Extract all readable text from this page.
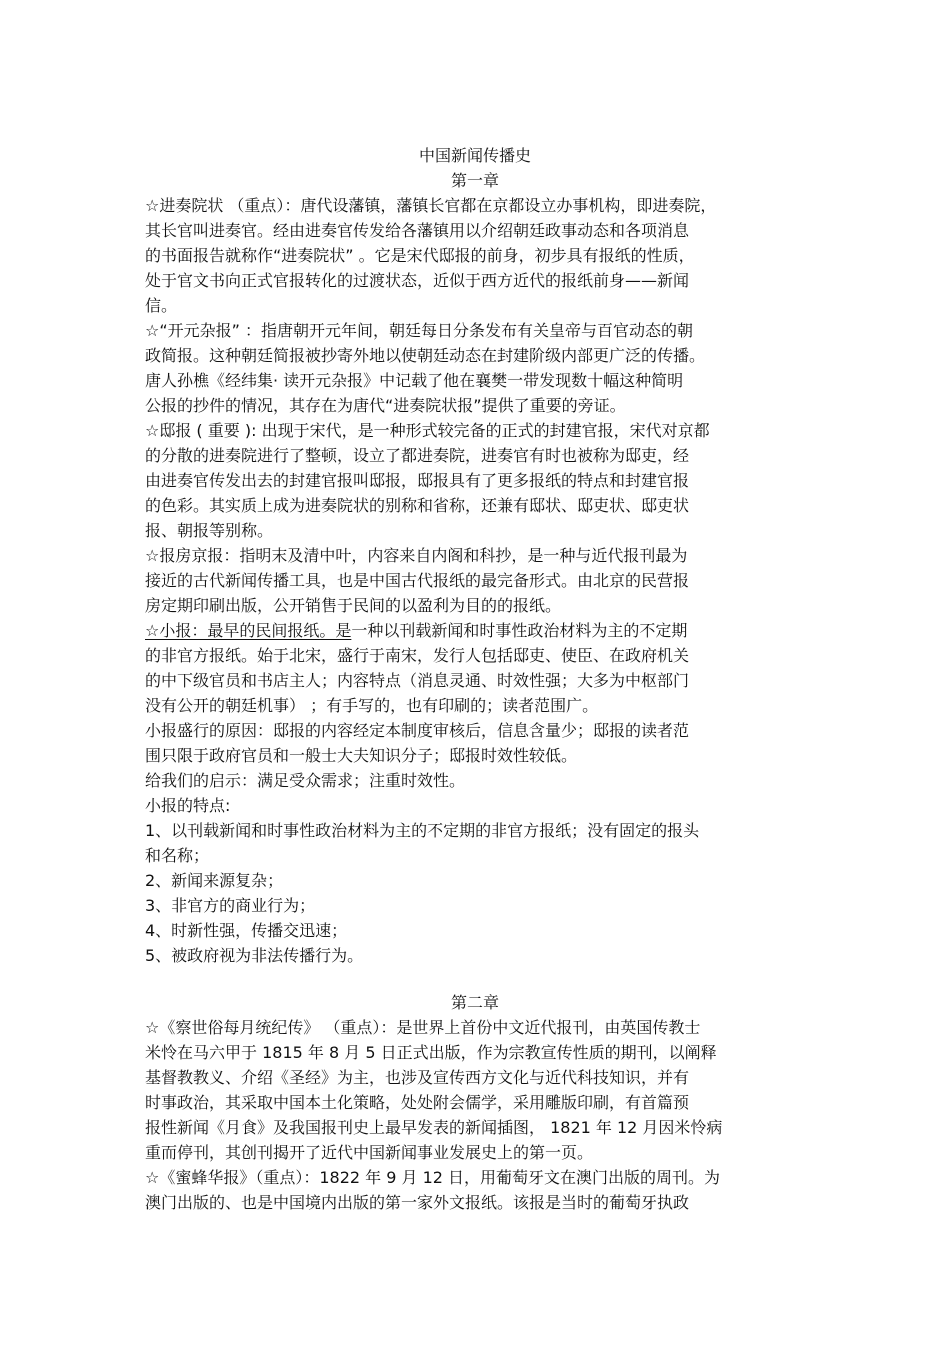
中国新闻传播史
第一章
☆进奏院状 （重点）：唐代设藩镇，藩镇长官都在京都设立办事机构，即进奏院，
其长官叫进奏官。经由进奏官传发给各藩镇用以介绍朝廷政事动态和各项消息
的书面报告就称作“进奏院状” 。它是宋代邸报的前身，初步具有报纸的性质，
处于官文书向正式官报转化的过渡状态，近似于西方近代的报纸前身——新闻
信。
☆“开元杂报” ：指唐朝开元年间，朝廷每日分条发布有关皇帝与百官动态的朝
政简报。这种朝廷简报被抄寄外地以使朝廷动态在封建阶级内部更广泛的传播。
唐人孙樵《经纬集· 读开元杂报》中记载了他在襄樊一带发现数十幅这种简明
公报的抄件的情况，其存在为唐代“进奏院状报”提供了重要的旁证。
☆邸报 ( 重要 ): 出现于宋代，是一种形式较完备的正式的封建官报，宋代对京都
的分散的进奏院进行了整顿，设立了都进奏院，进奏官有时也被称为邸吏，经
由进奏官传发出去的封建官报叫邸报，邸报具有了更多报纸的特点和封建官报
的色彩。其实质上成为进奏院状的别称和省称，还兼有邸状、邸吏状、邸吏状
报、朝报等别称。
☆报房京报：指明末及清中叶，内容来自内阁和科抄，是一种与近代报刊最为
接近的古代新闻传播工具，也是中国古代报纸的最完备形式。由北京的民营报
房定期印刷出版，公开销售于民间的以盈利为目的的报纸。
☆小报：最早的民间报纸。是一种以刊载新闻和时事性政治材料为主的不定期
的非官方报纸。始于北宋，盛行于南宋，发行人包括邸吏、使臣、在政府机关
的中下级官员和书店主人；内容特点（消息灵通、时效性强；大多为中枢部门
没有公开的朝廷机事） ；有手写的，也有印刷的；读者范围广。
小报盛行的原因：邸报的内容经定本制度审核后，信息含量少；邸报的读者范
围只限于政府官员和一般士大夫知识分子；邸报时效性较低。
给我们的启示：满足受众需求；注重时效性。
小报的特点:
1、以刊载新闻和时事性政治材料为主的不定期的非官方报纸；没有固定的报头
和名称；
2、新闻来源复杂；
3、非官方的商业行为；
4、时新性强，传播交迅速；
5、被政府视为非法传播行为。
第二章
☆《察世俗每月统纪传》 （重点）：是世界上首份中文近代报刊，由英国传教士
米怜在马六甲于 1815 年 8 月 5 日正式出版，作为宗教宣传性质的期刊，以阐释
基督教教义、介绍《圣经》为主，也涉及宣传西方文化与近代科技知识，并有
时事政治，其采取中国本土化策略，处处附会儒学，采用雕版印刷，有首篇预
报性新闻《月食》及我国报刊史上最早发表的新闻插图， 1821 年 12 月因米怜病
重而停刊，其创刊揭开了近代中国新闻事业发展史上的第一页。
☆《蜜蜂华报》（重点）：1822 年 9 月 12 日，用葡萄牙文在澳门出版的周刊。为
澳门出版的、也是中国境内出版的第一家外文报纸。该报是当时的葡萄牙执政
